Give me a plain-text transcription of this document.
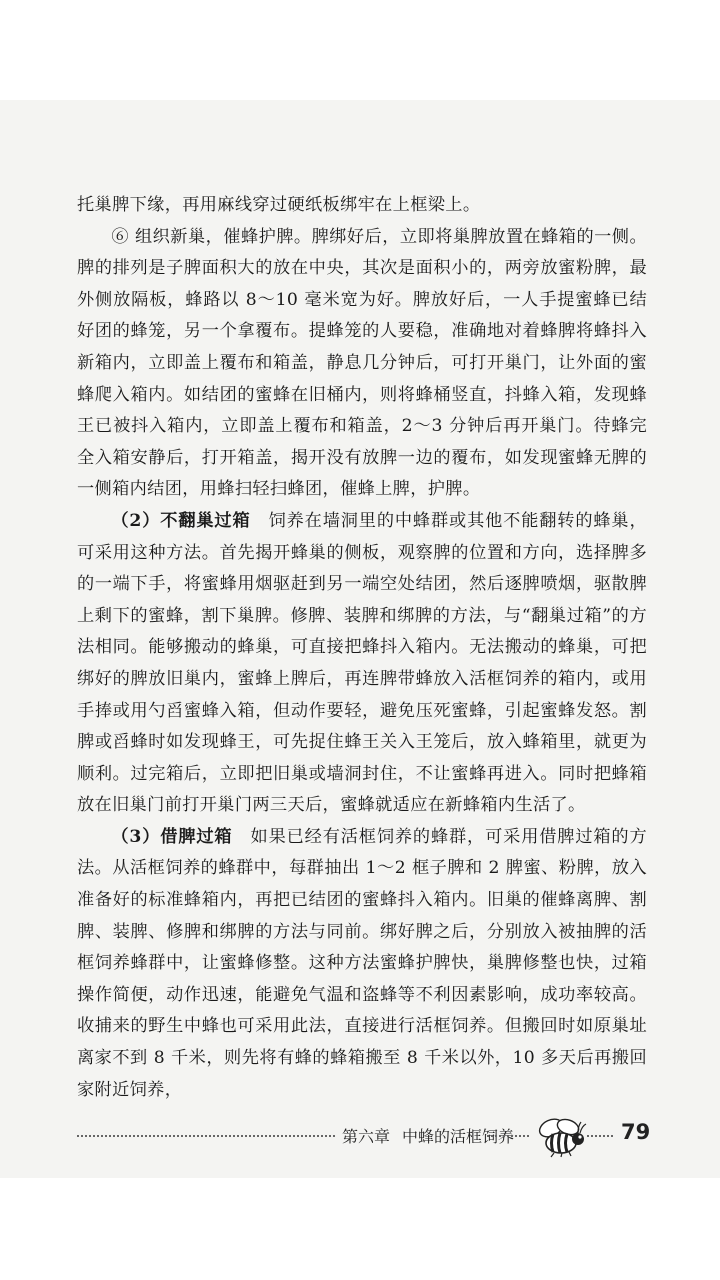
托巢脾下缘，再用麻线穿过硬纸板绑牢在上框梁上。

⑥ 组织新巢，催蜂护脾。脾绑好后，立即将巢脾放置在蜂箱的一侧。脾的排列是子脾面积大的放在中央，其次是面积小的，两旁放蜜粉脾，最外侧放隔板，蜂路以 8～10 毫米宽为好。脾放好后，一人手提蜜蜂已结好团的蜂笼，另一个拿覆布。提蜂笼的人要稳，准确地对着蜂脾将蜂抖入新箱内，立即盖上覆布和箱盖，静息几分钟后，可打开巢门，让外面的蜜蜂爬入箱内。如结团的蜜蜂在旧桶内，则将蜂桶竖直，抖蜂入箱，发现蜂王已被抖入箱内，立即盖上覆布和箱盖，2～3 分钟后再开巢门。待蜂完全入箱安静后，打开箱盖，揭开没有放脾一边的覆布，如发现蜜蜂无脾的一侧箱内结团，用蜂扫轻扫蜂团，催蜂上脾，护脾。

（2）不翻巢过箱　饲养在墙洞里的中蜂群或其他不能翻转的蜂巢，可采用这种方法。首先揭开蜂巢的侧板，观察脾的位置和方向，选择脾多的一端下手，将蜜蜂用烟驱赶到另一端空处结团，然后逐脾喷烟，驱散脾上剩下的蜜蜂，割下巢脾。修脾、装脾和绑脾的方法，与“翻巢过箱”的方法相同。能够搬动的蜂巢，可直接把蜂抖入箱内。无法搬动的蜂巢，可把绑好的脾放旧巢内，蜜蜂上脾后，再连脾带蜂放入活框饲养的箱内，或用手捧或用勺舀蜜蜂入箱，但动作要轻，避免压死蜜蜂，引起蜜蜂发怒。割脾或舀蜂时如发现蜂王，可先捉住蜂王关入王笼后，放入蜂箱里，就更为顺利。过完箱后，立即把旧巢或墙洞封住，不让蜜蜂再进入。同时把蜂箱放在旧巢门前打开巢门两三天后，蜜蜂就适应在新蜂箱内生活了。

（3）借脾过箱　如果已经有活框饲养的蜂群，可采用借脾过箱的方法。从活框饲养的蜂群中，每群抽出 1～2 框子脾和 2 脾蜜、粉脾，放入准备好的标准蜂箱内，再把已结团的蜜蜂抖入箱内。旧巢的催蜂离脾、割脾、装脾、修脾和绑脾的方法与同前。绑好脾之后，分别放入被抽脾的活框饲养蜂群中，让蜜蜂修整。这种方法蜜蜂护脾快，巢脾修整也快，过箱操作简便，动作迅速，能避免气温和盗蜂等不利因素影响，成功率较高。收捕来的野生中蜂也可采用此法，直接进行活框饲养。但搬回时如原巢址离家不到 8 千米，则先将有蜂的蜂箱搬至 8 千米以外，10 多天后再搬回家附近饲养，

第六章 中蜂的活框饲养	79
